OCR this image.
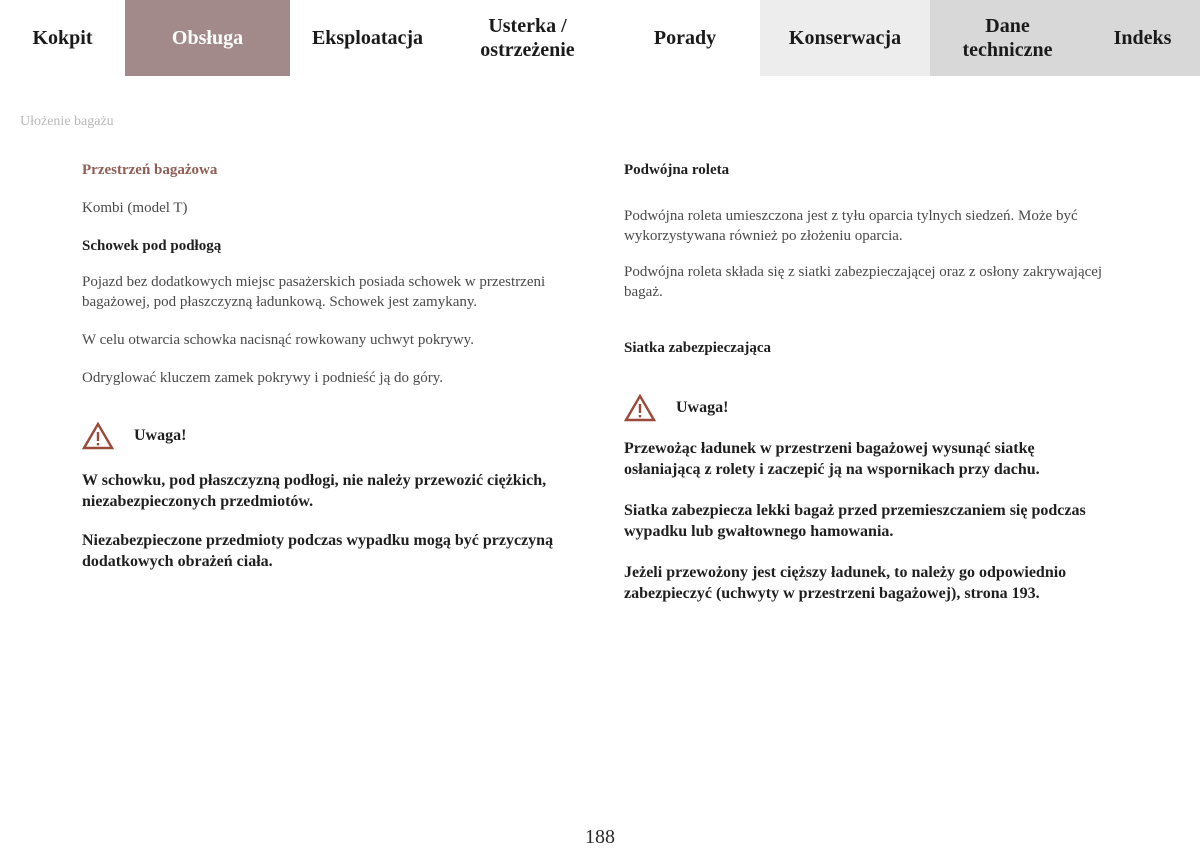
Kokpit	Obsługa	Eksploatacja
Usterka /
ostrzeżenie
Porady	Konserwacja
Dane
techniczne
Indeks
Ułożenie bagażu

Przestrzeń bagażowa

Kombi (model T)

Schowek pod podłogą

Pojazd bez dodatkowych miejsc pasażerskich posiada schowek w przestrzeni bagażowej, pod płaszczyzną ładunkową. Schowek jest zamykany.

W celu otwarcia schowka nacisnąć rowkowany uchwyt pokrywy.

Odryglować kluczem zamek pokrywy i podnieść ją do góry.

Uwaga!

W schowku, pod płaszczyzną podłogi, nie należy przewozić ciężkich, niezabezpieczonych przedmiotów.

Niezabezpieczone przedmioty podczas wypadku mogą być przyczyną dodatkowych obrażeń ciała.

Podwójna roleta

Podwójna roleta umieszczona jest z tyłu oparcia tylnych siedzeń. Może być wykorzystywana również po złożeniu oparcia.

Podwójna roleta składa się z siatki zabezpieczającej oraz z osłony zakrywającej bagaż.

Siatka zabezpieczająca

Uwaga!

Przewożąc ładunek w przestrzeni bagażowej wysunąć siatkę osłaniającą z rolety i zaczepić ją na wspornikach przy dachu.

Siatka zabezpiecza lekki bagaż przed przemieszczaniem się podczas wypadku lub gwałtownego hamowania.

Jeżeli przewożony jest cięższy ładunek, to należy go odpowiednio zabezpieczyć (uchwyty w przestrzeni bagażowej), strona 193.

188
